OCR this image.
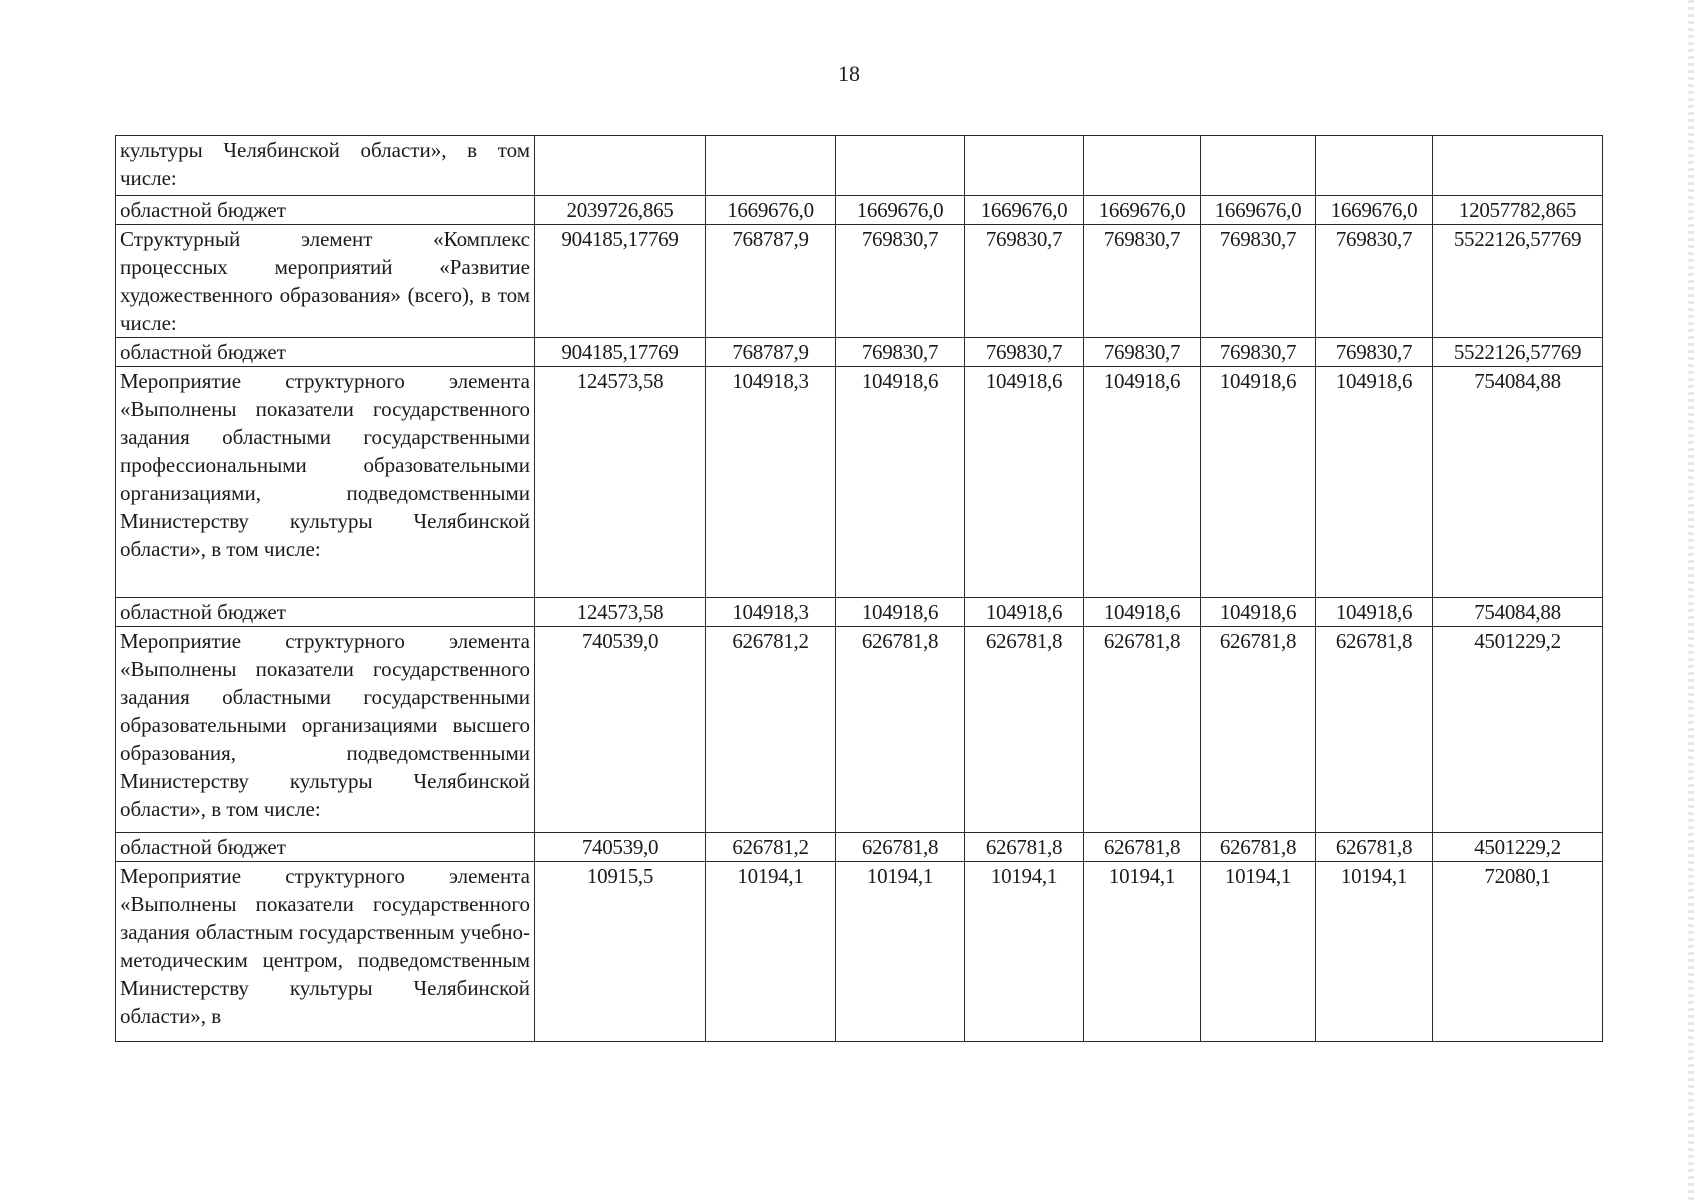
18
культуры Челябинской области», в том числе:								
областной бюджет	2039726,865	1669676,0	1669676,0	1669676,0	1669676,0	1669676,0	1669676,0	12057782,865
Структурный элемент «Комплекс процессных мероприятий «Развитие художественного образования» (всего), в том числе:	904185,17769	768787,9	769830,7	769830,7	769830,7	769830,7	769830,7	5522126,57769
областной бюджет	904185,17769	768787,9	769830,7	769830,7	769830,7	769830,7	769830,7	5522126,57769
Мероприятие структурного элемента «Выполнены показатели государственного задания областными государственными профессиональными образовательными организациями, подведомственными Министерству культуры Челябинской области», в том числе:	124573,58	104918,3	104918,6	104918,6	104918,6	104918,6	104918,6	754084,88
областной бюджет	124573,58	104918,3	104918,6	104918,6	104918,6	104918,6	104918,6	754084,88
Мероприятие структурного элемента «Выполнены показатели государственного задания областными государственными образовательными организациями высшего образования, подведомственными Министерству культуры Челябинской области», в том числе:	740539,0	626781,2	626781,8	626781,8	626781,8	626781,8	626781,8	4501229,2
областной бюджет	740539,0	626781,2	626781,8	626781,8	626781,8	626781,8	626781,8	4501229,2
Мероприятие структурного элемента «Выполнены показатели государственного задания областным государственным учебно-методическим центром, подведомственным Министерству культуры Челябинской области», в	10915,5	10194,1	10194,1	10194,1	10194,1	10194,1	10194,1	72080,1
